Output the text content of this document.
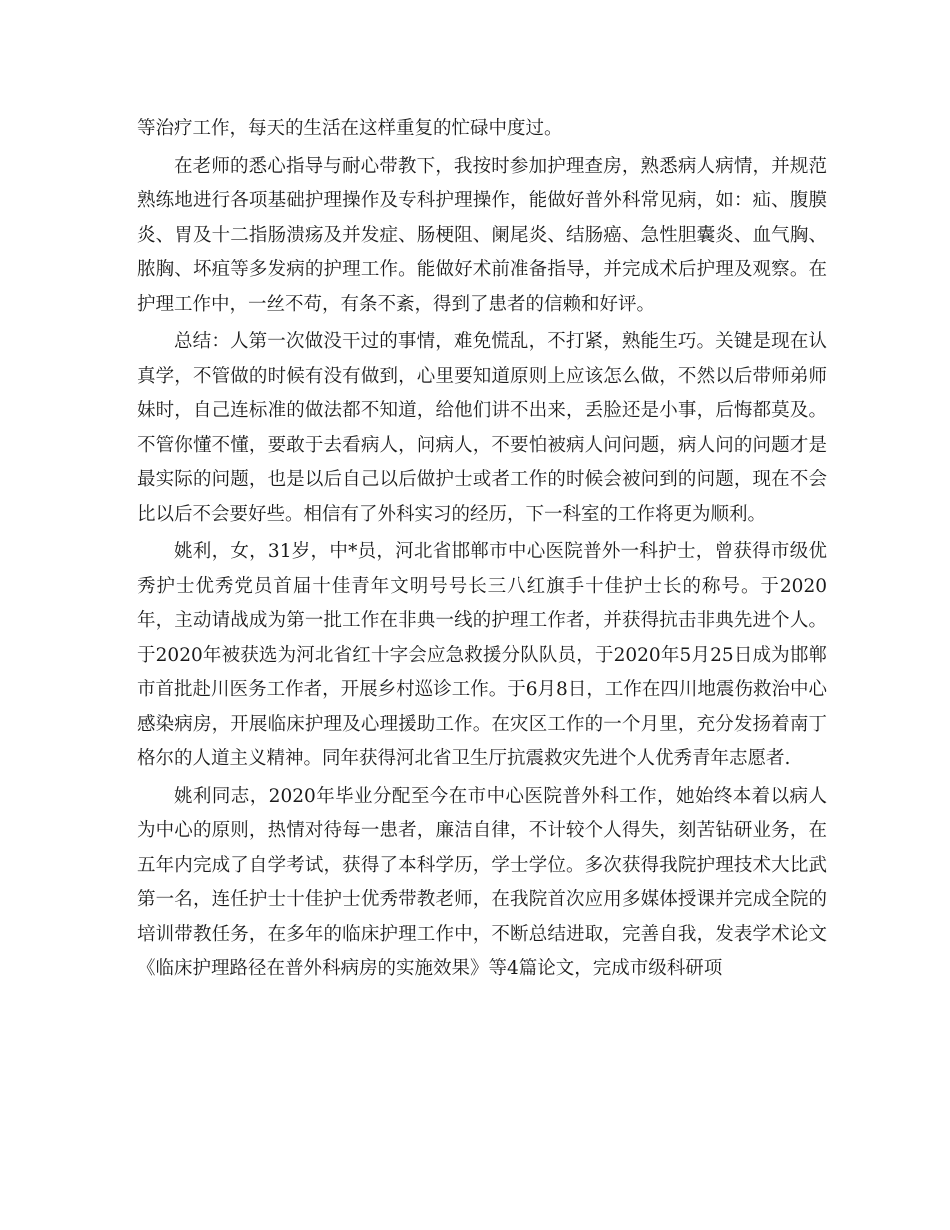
等治疗工作，每天的生活在这样重复的忙碌中度过。

在老师的悉心指导与耐心带教下，我按时参加护理查房，熟悉病人病情，并规范熟练地进行各项基础护理操作及专科护理操作，能做好普外科常见病，如：疝、腹膜炎、胃及十二指肠溃疡及并发症、肠梗阻、阑尾炎、结肠癌、急性胆囊炎、血气胸、脓胸、坏疽等多发病的护理工作。能做好术前准备指导，并完成术后护理及观察。在护理工作中，一丝不苟，有条不紊，得到了患者的信赖和好评。

总结：人第一次做没干过的事情，难免慌乱，不打紧，熟能生巧。关键是现在认真学，不管做的时候有没有做到，心里要知道原则上应该怎么做，不然以后带师弟师妹时，自己连标准的做法都不知道，给他们讲不出来，丢脸还是小事，后悔都莫及。不管你懂不懂，要敢于去看病人，问病人，不要怕被病人问问题，病人问的问题才是最实际的问题，也是以后自己以后做护士或者工作的时候会被问到的问题，现在不会比以后不会要好些。相信有了外科实习的经历，下一科室的工作将更为顺利。

姚利，女，31岁，中*员，河北省邯郸市中心医院普外一科护士，曾获得市级优秀护士优秀党员首届十佳青年文明号号长三八红旗手十佳护士长的称号。于2020年，主动请战成为第一批工作在非典一线的护理工作者，并获得抗击非典先进个人。于2020年被获选为河北省红十字会应急救援分队队员，于2020年5月25日成为邯郸市首批赴川医务工作者，开展乡村巡诊工作。于6月8日，工作在四川地震伤救治中心感染病房，开展临床护理及心理援助工作。在灾区工作的一个月里，充分发扬着南丁格尔的人道主义精神。同年获得河北省卫生厅抗震救灾先进个人优秀青年志愿者.

姚利同志，2020年毕业分配至今在市中心医院普外科工作，她始终本着以病人为中心的原则，热情对待每一患者，廉洁自律，不计较个人得失，刻苦钻研业务，在五年内完成了自学考试，获得了本科学历，学士学位。多次获得我院护理技术大比武第一名，连任护士十佳护士优秀带教老师，在我院首次应用多媒体授课并完成全院的培训带教任务，在多年的临床护理工作中，不断总结进取，完善自我，发表学术论文《临床护理路径在普外科病房的实施效果》等4篇论文，完成市级科研项
